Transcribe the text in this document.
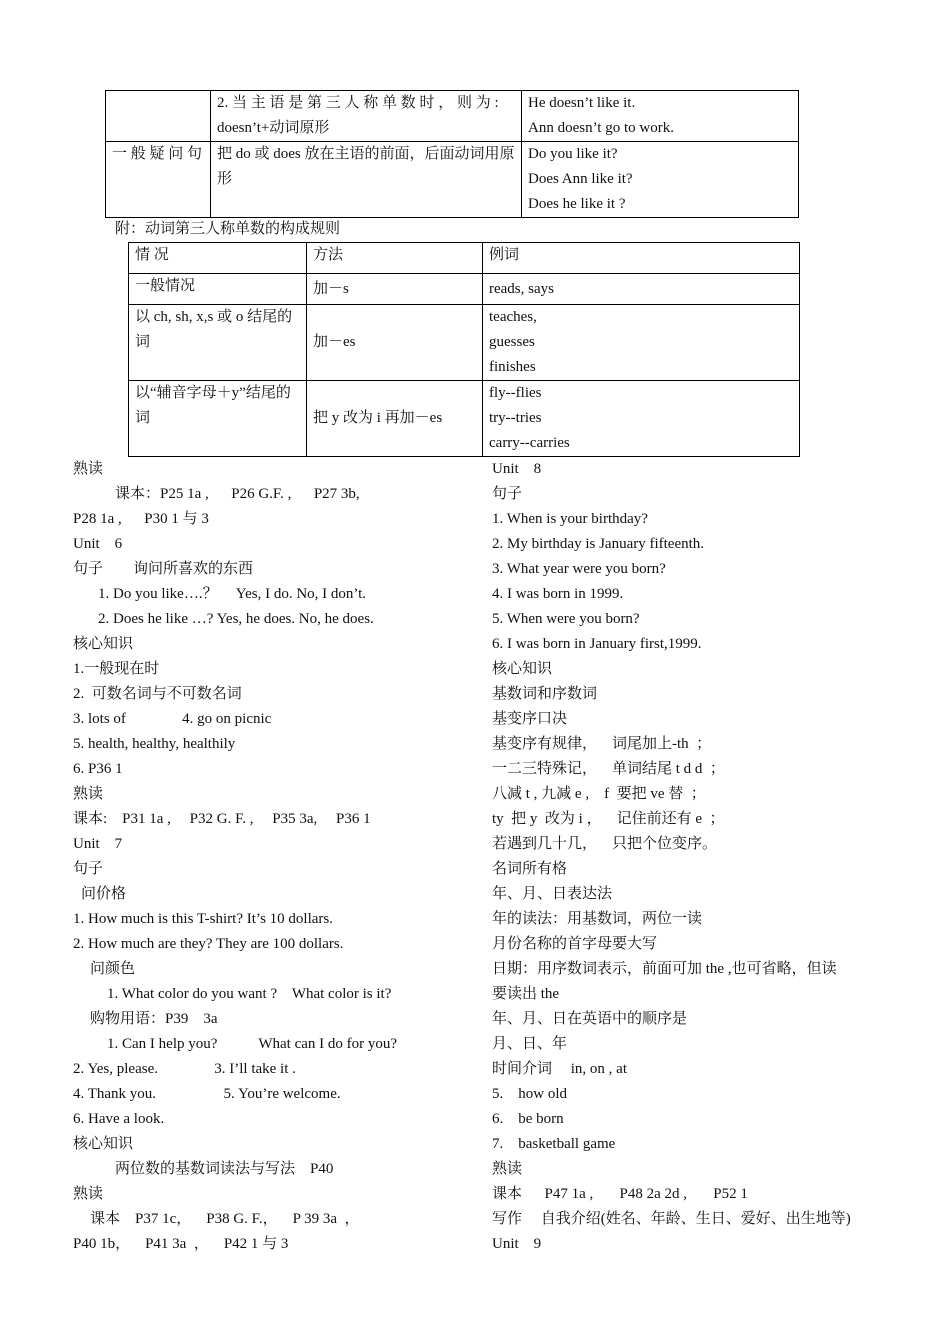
	2. 当 主 语 是 第 三 人 称 单 数 时 ， 则 为 : doesn’t+动词原形	He doesn’t like it.
Ann doesn’t go to work.

一 般 疑 问 句	把 do 或 does 放在主语的前面，后面动词用原形	Do you like it?
Does Ann like it?
Does he like it ?
附：动词第三人称单数的构成规则
情 况	方法	例词
一般情况	加－s	reads, says
以 ch, sh, x,s 或 o 结尾的词	加－es	teaches,
guesses
finishes

以“辅音字母＋y”结尾的词	把 y 改为 i 再加－es	fly--flies
try--tries
carry--carries
熟读
课本：P25 1a ,      P26 G.F. ,      P27 3b,
P28 1a ,      P30 1 与 3
Unit    6
句子        询问所喜欢的东西
1. Do you like….？     Yes, I do. No, I don’t.
2. Does he like …? Yes, he does. No, he does.
核心知识
1.一般现在时
2.  可数名词与不可数名词
3. lots of               4. go on picnic
5. health, healthy, healthily
6. P36 1
熟读
课本:    P31 1a ,     P32 G. F. ,     P35 3a,     P36 1
Unit    7
句子
问价格
1. How much is this T-shirt? It’s 10 dollars.
2. How much are they? They are 100 dollars.
问颜色
1. What color do you want ?    What color is it?
购物用语：P39    3a
1. Can I help you?           What can I do for you?
2. Yes, please.               3. I’ll take it .
4. Thank you.                  5. You’re welcome.
6. Have a look.
核心知识
两位数的基数词读法与写法    P40
熟读
课本    P37 1c，    P38 G. F.，    P 39 3a  ，
P40 1b，    P41 3a  ，    P42 1 与 3
Unit    8
句子
1. When is your birthday?
2. My birthday is January fifteenth.
3. What year were you born?
4. I was born in 1999.
5. When were you born?
6. I was born in January first,1999.
核心知识
基数词和序数词
基变序口决
基变序有规律，    词尾加上-th  ；
一二三特殊记，    单词结尾 t d d  ；
八减 t , 九减 e ,    f  要把 ve 替  ；
ty  把 y  改为 i ，    记住前还有 e  ；
若遇到几十几，    只把个位变序。
名词所有格
年、月、日表达法
年的读法：用基数词，两位一读
月份名称的首字母要大写
日期：用序数词表示，前面可加 the ,也可省略，但读
要读出 the
年、月、日在英语中的顺序是
月、日、年
时间介词     in, on , at
5.    how old
6.    be born
7.    basketball game
熟读
课本      P47 1a ,       P48 2a 2d ,       P52 1
写作     自我介绍(姓名、年龄、生日、爱好、出生地等)
Unit    9
